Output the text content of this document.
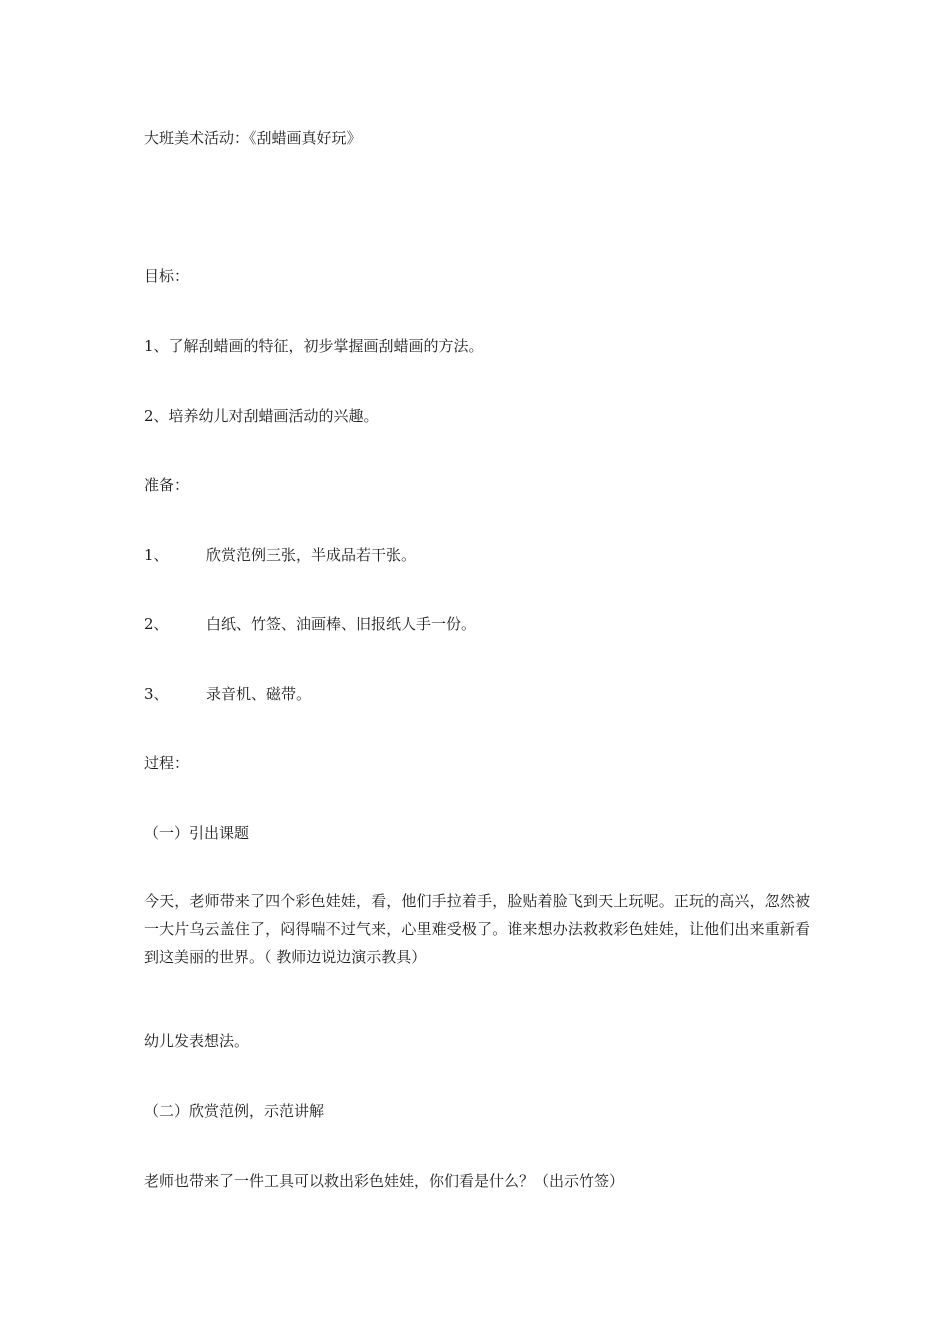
大班美术活动：《刮蜡画真好玩》
目标：
1、了解刮蜡画的特征，初步掌握画刮蜡画的方法。
2、培养幼儿对刮蜡画活动的兴趣。
准备：
1、 欣赏范例三张，半成品若干张。
2、 白纸、竹签、油画棒、旧报纸人手一份。
3、 录音机、磁带。
过程：
（一）引出课题
今天，老师带来了四个彩色娃娃，看，他们手拉着手，脸贴着脸飞到天上玩呢。正玩的高兴，忽然被一大片乌云盖住了，闷得喘不过气来，心里难受极了。谁来想办法救救彩色娃娃，让他们出来重新看到这美丽的世界。（ 教师边说边演示教具）
幼儿发表想法。
（二）欣赏范例，示范讲解
老师也带来了一件工具可以救出彩色娃娃，你们看是什么？（出示竹签）
